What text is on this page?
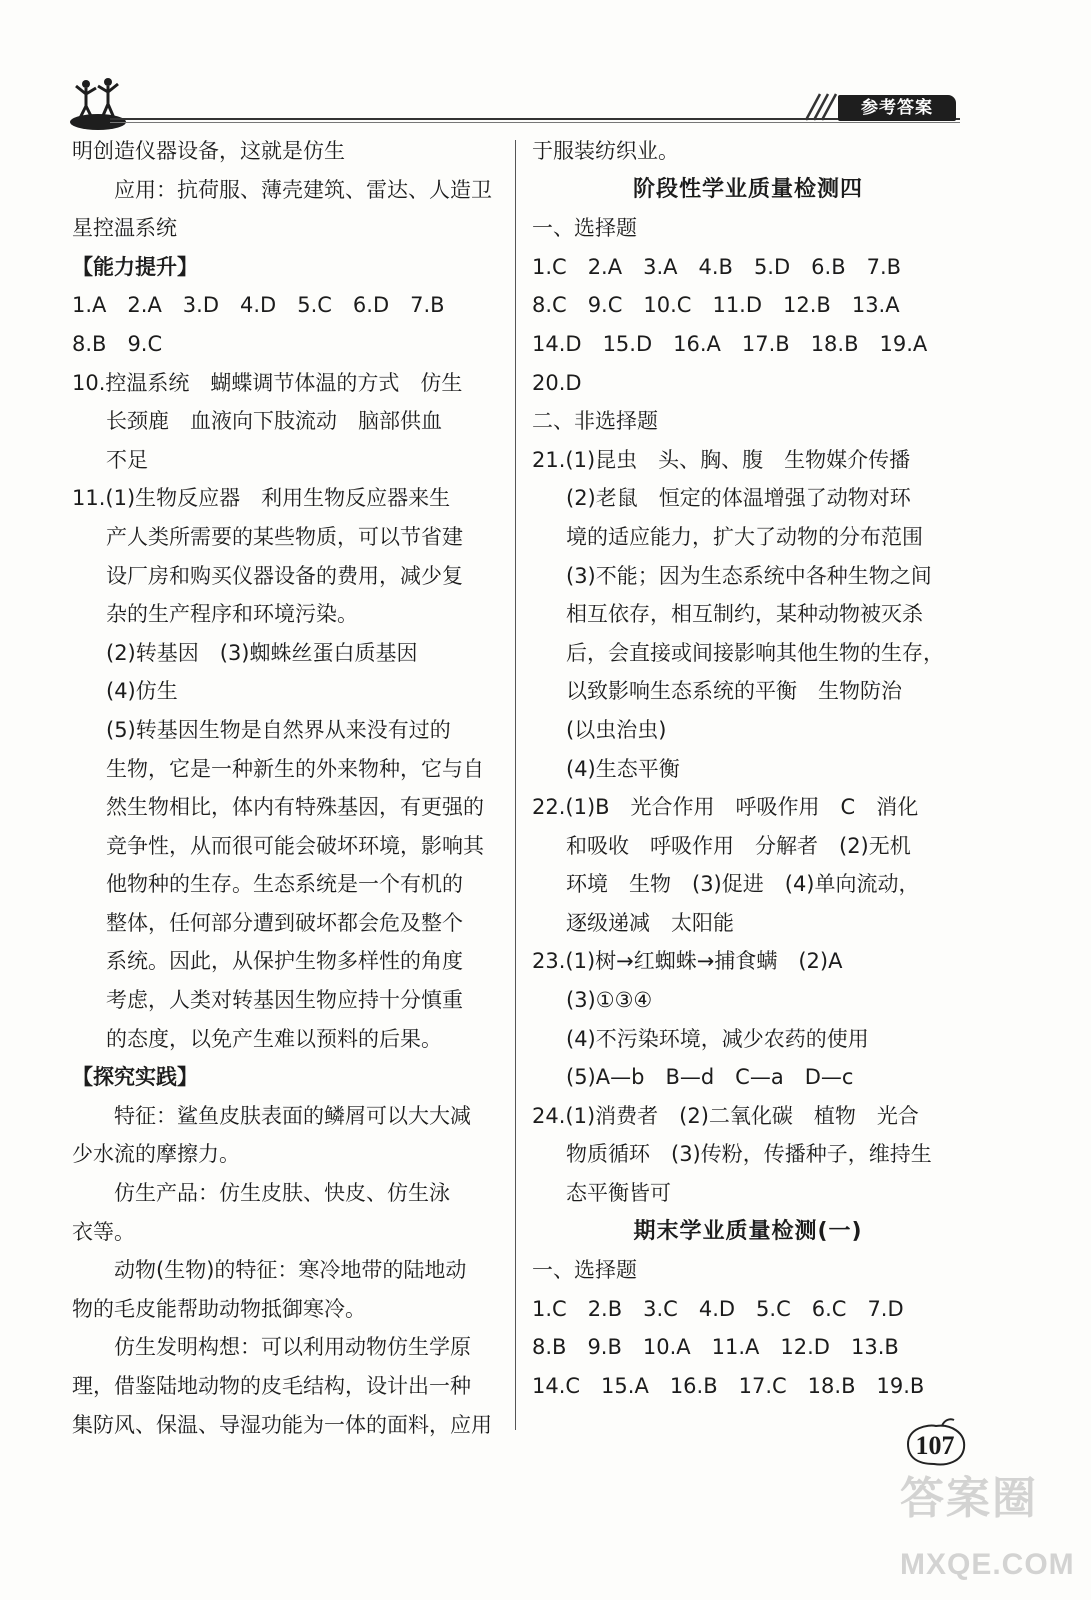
参考答案
明创造仪器设备，这就是仿生
应用：抗荷服、薄壳建筑、雷达、人造卫
星控温系统
【能力提升】
1.A　2.A　3.D　4.D　5.C　6.D　7.B
8.B　9.C
10.控温系统　蝴蝶调节体温的方式　仿生
长颈鹿　血液向下肢流动　脑部供血
不足
11.(1)生物反应器　利用生物反应器来生
产人类所需要的某些物质，可以节省建
设厂房和购买仪器设备的费用，减少复
杂的生产程序和环境污染。
(2)转基因　(3)蜘蛛丝蛋白质基因
(4)仿生
(5)转基因生物是自然界从来没有过的
生物，它是一种新生的外来物种，它与自
然生物相比，体内有特殊基因，有更强的
竞争性，从而很可能会破坏环境，影响其
他物种的生存。生态系统是一个有机的
整体，任何部分遭到破坏都会危及整个
系统。因此，从保护生物多样性的角度
考虑，人类对转基因生物应持十分慎重
的态度，以免产生难以预料的后果。
【探究实践】
特征：鲨鱼皮肤表面的鳞屑可以大大减
少水流的摩擦力。
仿生产品：仿生皮肤、快皮、仿生泳
衣等。
动物(生物)的特征：寒冷地带的陆地动
物的毛皮能帮助动物抵御寒冷。
仿生发明构想：可以利用动物仿生学原
理，借鉴陆地动物的皮毛结构，设计出一种
集防风、保温、导湿功能为一体的面料，应用
于服装纺织业。
阶段性学业质量检测四
一、选择题
1.C　2.A　3.A　4.B　5.D　6.B　7.B
8.C　9.C　10.C　11.D　12.B　13.A
14.D　15.D　16.A　17.B　18.B　19.A
20.D
二、非选择题
21.(1)昆虫　头、胸、腹　生物媒介传播
(2)老鼠　恒定的体温增强了动物对环
境的适应能力，扩大了动物的分布范围
(3)不能；因为生态系统中各种生物之间
相互依存，相互制约，某种动物被灭杀
后，会直接或间接影响其他生物的生存，
以致影响生态系统的平衡　生物防治
(以虫治虫)
(4)生态平衡
22.(1)B　光合作用　呼吸作用　C　消化
和吸收　呼吸作用　分解者　(2)无机
环境　生物　(3)促进　(4)单向流动，
逐级递减　太阳能
23.(1)树→红蜘蛛→捕食螨　(2)A
(3)①③④
(4)不污染环境，减少农药的使用
(5)A—b　B—d　C—a　D—c
24.(1)消费者　(2)二氧化碳　植物　光合
物质循环　(3)传粉，传播种子，维持生
态平衡皆可
期末学业质量检测(一)
一、选择题
1.C　2.B　3.C　4.D　5.C　6.C　7.D
8.B　9.B　10.A　11.A　12.D　13.B
14.C　15.A　16.B　17.C　18.B　19.B
107
答案圈
MXQE.COM
